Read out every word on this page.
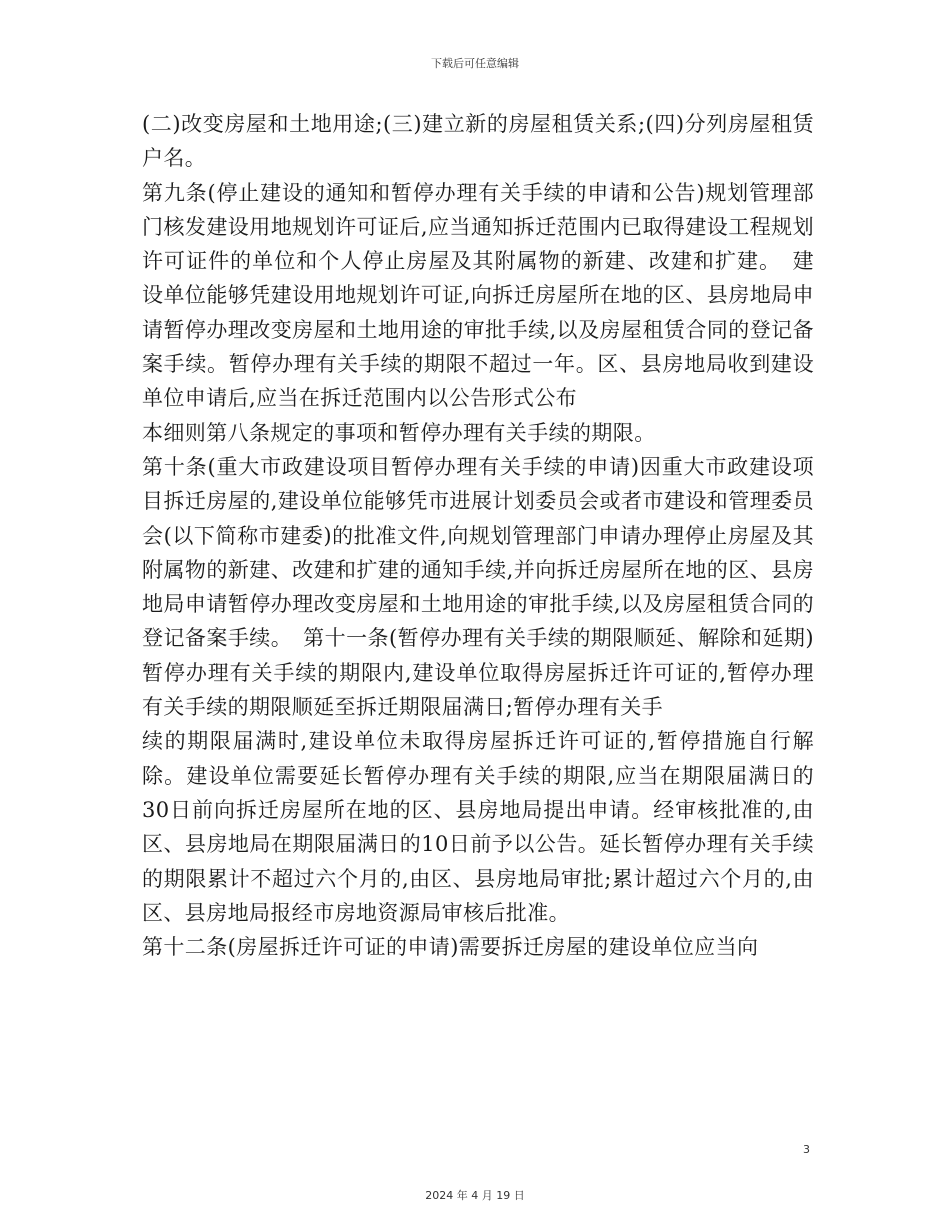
下载后可任意编辑

(二)改变房屋和土地用途;(三)建立新的房屋租赁关系;(四)分列房屋租赁户名。

第九条(停止建设的通知和暂停办理有关手续的申请和公告)规划管理部门核发建设用地规划许可证后,应当通知拆迁范围内已取得建设工程规划许可证件的单位和个人停止房屋及其附属物的新建、改建和扩建。　建设单位能够凭建设用地规划许可证,向拆迁房屋所在地的区、县房地局申请暂停办理改变房屋和土地用途的审批手续,以及房屋租赁合同的登记备案手续。暂停办理有关手续的期限不超过一年。区、县房地局收到建设单位申请后,应当在拆迁范围内以公告形式公布

本细则第八条规定的事项和暂停办理有关手续的期限。

第十条(重大市政建设项目暂停办理有关手续的申请)因重大市政建设项目拆迁房屋的,建设单位能够凭市进展计划委员会或者市建设和管理委员会(以下简称市建委)的批准文件,向规划管理部门申请办理停止房屋及其附属物的新建、改建和扩建的通知手续,并向拆迁房屋所在地的区、县房地局申请暂停办理改变房屋和土地用途的审批手续,以及房屋租赁合同的登记备案手续。　第十一条(暂停办理有关手续的期限顺延、解除和延期)暂停办理有关手续的期限内,建设单位取得房屋拆迁许可证的,暂停办理有关手续的期限顺延至拆迁期限届满日;暂停办理有关手

续的期限届满时,建设单位未取得房屋拆迁许可证的,暂停措施自行解除。建设单位需要延长暂停办理有关手续的期限,应当在期限届满日的30日前向拆迁房屋所在地的区、县房地局提出申请。经审核批准的,由区、县房地局在期限届满日的10日前予以公告。延长暂停办理有关手续的期限累计不超过六个月的,由区、县房地局审批;累计超过六个月的,由区、县房地局报经市房地资源局审核后批准。

第十二条(房屋拆迁许可证的申请)需要拆迁房屋的建设单位应当向

3
2024 年 4 月 19 日
